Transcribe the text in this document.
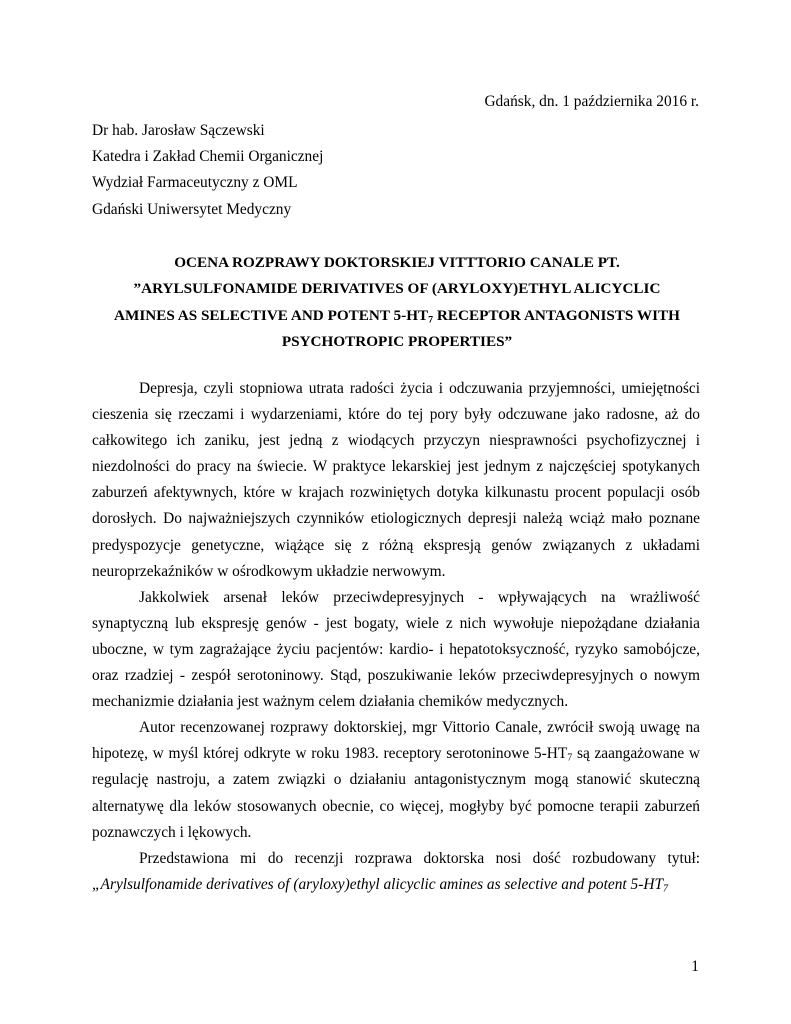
Gdańsk, dn. 1 października 2016 r.
Dr hab. Jarosław Sączewski
Katedra i Zakład Chemii Organicznej
Wydział Farmaceutyczny z OML
Gdański Uniwersytet Medyczny
OCENA ROZPRAWY DOKTORSKIEJ VITTTORIO CANALE PT.
”ARYLSULFONAMIDE DERIVATIVES OF (ARYLOXY)ETHYL ALICYCLIC
AMINES AS SELECTIVE AND POTENT $5-HT_7$ RECEPTOR ANTAGONISTS WITH
PSYCHOTROPIC PROPERTIES”

Depresja, czyli stopniowa utrata radości życia i odczuwania przyjemności, umiejętności cieszenia się rzeczami i wydarzeniami, które do tej pory były odczuwane jako radosne, aż do całkowitego ich zaniku, jest jedną z wiodących przyczyn niesprawności psychofizycznej i niezdolności do pracy na świecie. W praktyce lekarskiej jest jednym z najczęściej spotykanych zaburzeń afektywnych, które w krajach rozwiniętych dotyka kilkunastu procent populacji osób dorosłych. Do najważniejszych czynników etiologicznych depresji należą wciąż mało poznane predyspozycje genetyczne, wiążące się z różną ekspresją genów związanych z układami neuroprzekaźników w ośrodkowym układzie nerwowym.

Jakkolwiek arsenał leków przeciwdepresyjnych - wpływających na wrażliwość synaptyczną lub ekspresję genów - jest bogaty, wiele z nich wywołuje niepożądane działania uboczne, w tym zagrażające życiu pacjentów: kardio- i hepatotoksyczność, ryzyko samobójcze, oraz rzadziej - zespół serotoninowy. Stąd, poszukiwanie leków przeciwdepresyjnych o nowym mechanizmie działania jest ważnym celem działania chemików medycznych.

Autor recenzowanej rozprawy doktorskiej, mgr Vittorio Canale, zwrócił swoją uwagę na hipotezę, w myśl której odkryte w roku 1983. receptory serotoninowe $5-HT_7$ są zaangażowane w regulację nastroju, a zatem związki o działaniu antagonistycznym mogą stanowić skuteczną alternatywę dla leków stosowanych obecnie, co więcej, mogłyby być pomocne terapii zaburzeń poznawczych i lękowych.

Przedstawiona mi do recenzji rozprawa doktorska nosi dość rozbudowany tytuł: „Arylsulfonamide derivatives of (aryloxy)ethyl alicyclic amines as selective and potent $5-HT_7$

1
